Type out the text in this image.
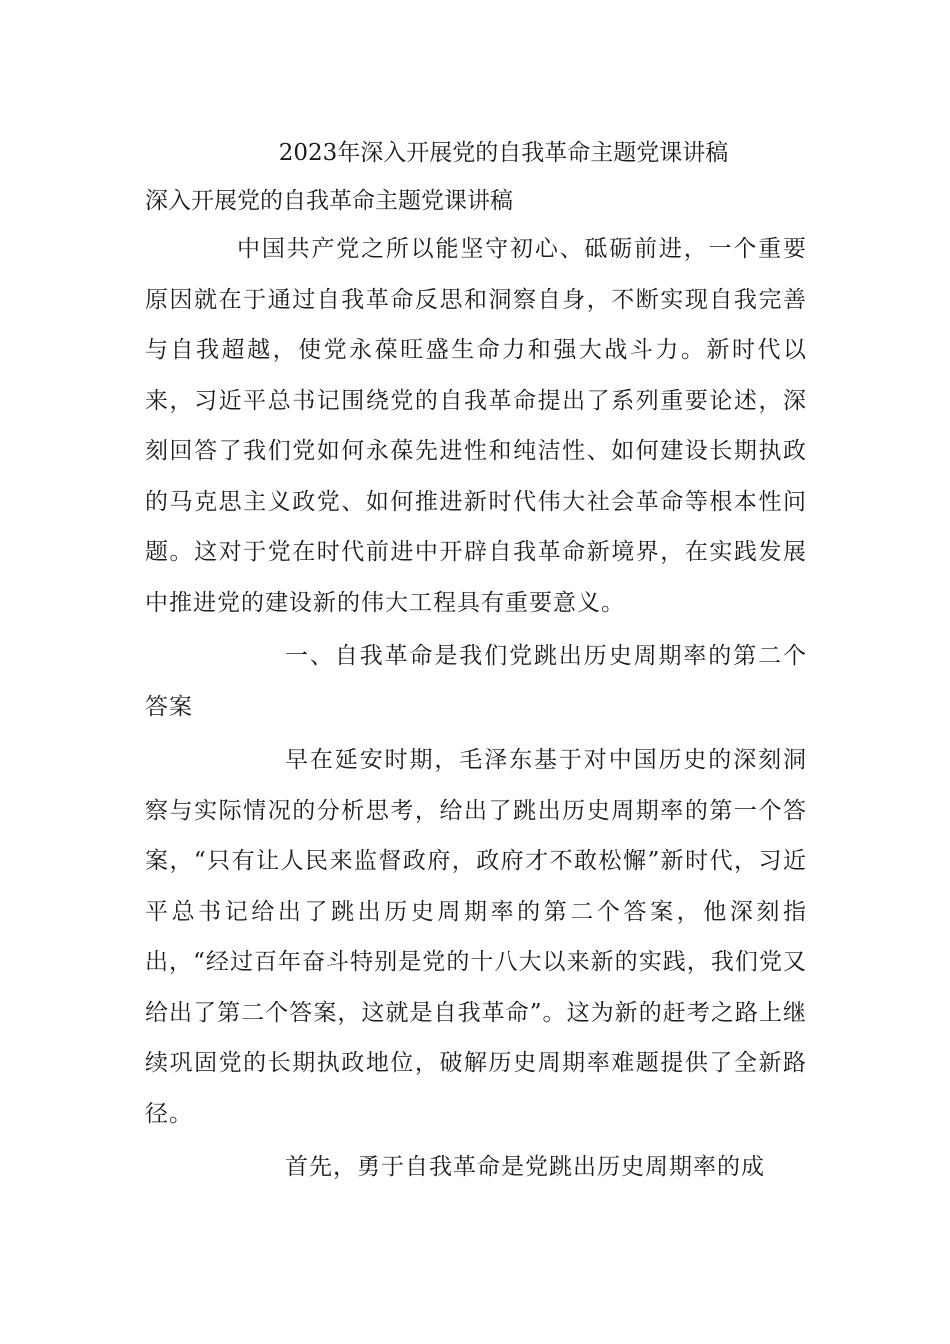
2023年深入开展党的自我革命主题党课讲稿
深入开展党的自我革命主题党课讲稿

中国共产党之所以能坚守初心、砥砺前进，一个重要原因就在于通过自我革命反思和洞察自身，不断实现自我完善与自我超越，使党永葆旺盛生命力和强大战斗力。新时代以来，习近平总书记围绕党的自我革命提出了系列重要论述，深刻回答了我们党如何永葆先进性和纯洁性、如何建设长期执政的马克思主义政党、如何推进新时代伟大社会革命等根本性问题。这对于党在时代前进中开辟自我革命新境界，在实践发展中推进党的建设新的伟大工程具有重要意义。

一、自我革命是我们党跳出历史周期率的第二个答案

早在延安时期，毛泽东基于对中国历史的深刻洞察与实际情况的分析思考，给出了跳出历史周期率的第一个答案，“只有让人民来监督政府，政府才不敢松懈”新时代，习近平总书记给出了跳出历史周期率的第二个答案，他深刻指出，“经过百年奋斗特别是党的十八大以来新的实践，我们党又给出了第二个答案，这就是自我革命”。这为新的赶考之路上继续巩固党的长期执政地位，破解历史周期率难题提供了全新路径。

首先，勇于自我革命是党跳出历史周期率的成
